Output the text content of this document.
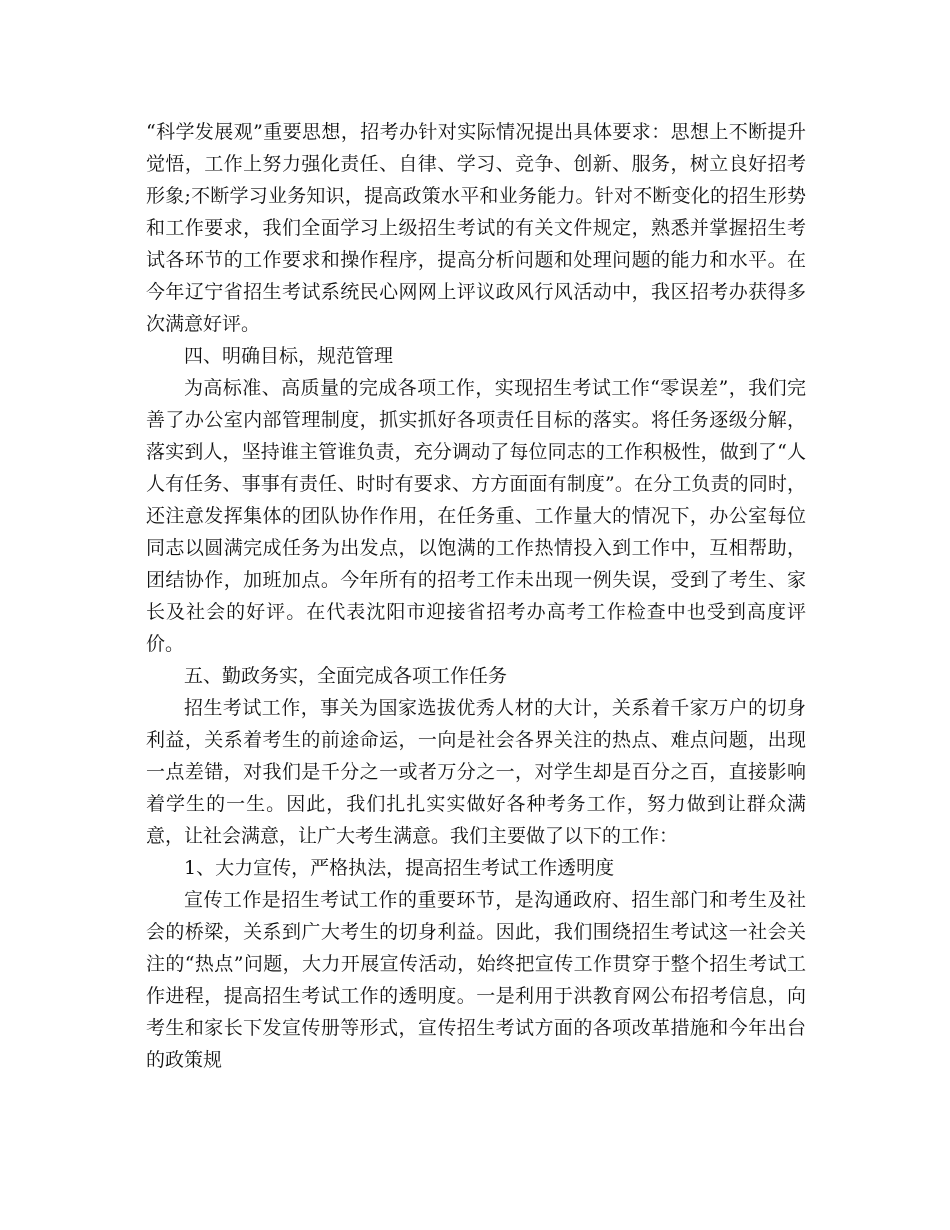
“科学发展观”重要思想，招考办针对实际情况提出具体要求：思想上不断提升觉悟，工作上努力强化责任、自律、学习、竞争、创新、服务，树立良好招考形象;不断学习业务知识，提高政策水平和业务能力。针对不断变化的招生形势和工作要求，我们全面学习上级招生考试的有关文件规定，熟悉并掌握招生考试各环节的工作要求和操作程序，提高分析问题和处理问题的能力和水平。在今年辽宁省招生考试系统民心网网上评议政风行风活动中，我区招考办获得多次满意好评。

四、明确目标，规范管理

为高标准、高质量的完成各项工作，实现招生考试工作“零误差”，我们完善了办公室内部管理制度，抓实抓好各项责任目标的落实。将任务逐级分解，落实到人，坚持谁主管谁负责，充分调动了每位同志的工作积极性，做到了“人人有任务、事事有责任、时时有要求、方方面面有制度”。在分工负责的同时，还注意发挥集体的团队协作作用，在任务重、工作量大的情况下，办公室每位同志以圆满完成任务为出发点，以饱满的工作热情投入到工作中，互相帮助，团结协作，加班加点。今年所有的招考工作未出现一例失误，受到了考生、家长及社会的好评。在代表沈阳市迎接省招考办高考工作检查中也受到高度评价。

五、勤政务实，全面完成各项工作任务

招生考试工作，事关为国家选拔优秀人材的大计，关系着千家万户的切身利益，关系着考生的前途命运，一向是社会各界关注的热点、难点问题，出现一点差错，对我们是千分之一或者万分之一，对学生却是百分之百，直接影响着学生的一生。因此，我们扎扎实实做好各种考务工作，努力做到让群众满意，让社会满意，让广大考生满意。我们主要做了以下的工作：

1、大力宣传，严格执法，提高招生考试工作透明度

宣传工作是招生考试工作的重要环节，是沟通政府、招生部门和考生及社会的桥梁，关系到广大考生的切身利益。因此，我们围绕招生考试这一社会关注的“热点”问题，大力开展宣传活动，始终把宣传工作贯穿于整个招生考试工作进程，提高招生考试工作的透明度。一是利用于洪教育网公布招考信息，向考生和家长下发宣传册等形式，宣传招生考试方面的各项改革措施和今年出台的政策规
